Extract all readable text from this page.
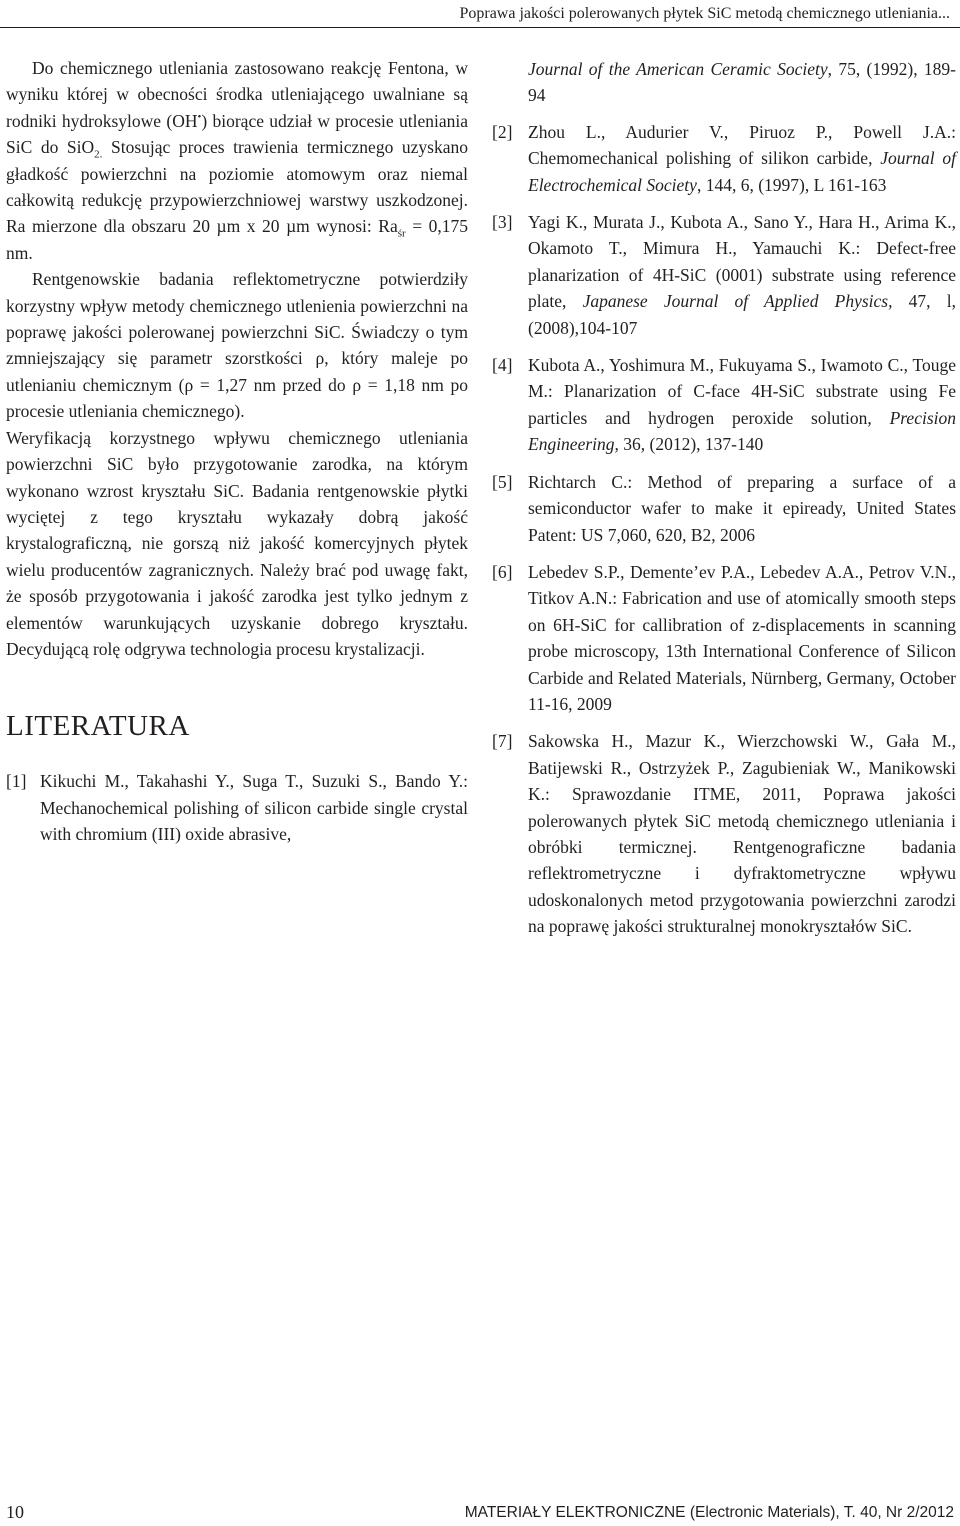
Poprawa jakości polerowanych płytek SiC metodą chemicznego utleniania...

Do chemicznego utleniania zastosowano reakcję Fentona, w wyniku której w obecności środka utleniającego uwalniane są rodniki hydroksylowe (OH•) biorące udział w procesie utleniania SiC do SiO$_{2.}$ Stosując proces trawienia termicznego uzyskano gładkość powierzchni na poziomie atomowym oraz niemal całkowitą redukcję przypowierzchniowej warstwy uszkodzonej. Ra mierzone dla obszaru 20 µm x 20 µm wynosi: $Ra_{śr} = 0,175$ nm.

Rentgenowskie badania reflektometryczne potwierdziły korzystny wpływ metody chemicznego utlenienia powierzchni na poprawę jakości polerowanej powierzchni SiC. Świadczy o tym zmniejszający się parametr szorstkości ρ, który maleje po utlenianiu chemicznym (ρ = 1,27 nm przed do ρ = 1,18 nm po procesie utleniania chemicznego).

Weryfikacją korzystnego wpływu chemicznego utleniania powierzchni SiC było przygotowanie zarodka, na którym wykonano wzrost kryształu SiC. Badania rentgenowskie płytki wyciętej z tego kryształu wykazały dobrą jakość krystalograficzną, nie gorszą niż jakość komercyjnych płytek wielu producentów zagranicznych. Należy brać pod uwagę fakt, że sposób przygotowania i jakość zarodka jest tylko jednym z elementów warunkujących uzyskanie dobrego kryształu. Decydującą rolę odgrywa technologia procesu krystalizacji.

LITERATURA
[1] Kikuchi M., Takahashi Y., Suga T., Suzuki S., Bando Y.: Mechanochemical polishing of silicon carbide single crystal with chromium (III) oxide abrasive,
Journal of the American Ceramic Society, 75, (1992), 189-94
[2] Zhou L., Audurier V., Piruoz P., Powell J.A.: Chemomechanical polishing of silikon carbide, Journal of Electrochemical Society, 144, 6, (1997), L 161-163
[3] Yagi K., Murata J., Kubota A., Sano Y., Hara H., Arima K., Okamoto T., Mimura H., Yamauchi K.: Defect-free planarization of 4H-SiC (0001) substrate using reference plate, Japanese Journal of Applied Physics, 47, l, (2008),104-107
[4] Kubota A., Yoshimura M., Fukuyama S., Iwamoto C., Touge M.: Planarization of C-face 4H-SiC substrate using Fe particles and hydrogen peroxide solution, Precision Engineering, 36, (2012), 137-140
[5] Richtarch C.: Method of preparing a surface of a semiconductor wafer to make it epiready, United States Patent: US 7,060, 620, B2, 2006
[6] Lebedev S.P., Demente’ev P.A., Lebedev A.A., Petrov V.N., Titkov A.N.: Fabrication and use of atomically smooth steps on 6H-SiC for callibration of z-displacements in scanning probe microscopy, 13th International Conference of Silicon Carbide and Related Materials, Nürnberg, Germany, October 11-16, 2009
[7] Sakowska H., Mazur K., Wierzchowski W., Gała M., Batijewski R., Ostrzyżek P., Zagubieniak W., Manikowski K.: Sprawozdanie ITME, 2011, Poprawa jakości polerowanych płytek SiC metodą chemicznego utleniania i obróbki termicznej. Rentgenograficzne badania reflektrometryczne i dyfraktometryczne wpływu udoskonalonych metod przygotowania powierzchni zarodzi na poprawę jakości strukturalnej monokryształów SiC.
10	MATERIAŁY ELEKTRONICZNE (Electronic Materials), T. 40, Nr 2/2012
